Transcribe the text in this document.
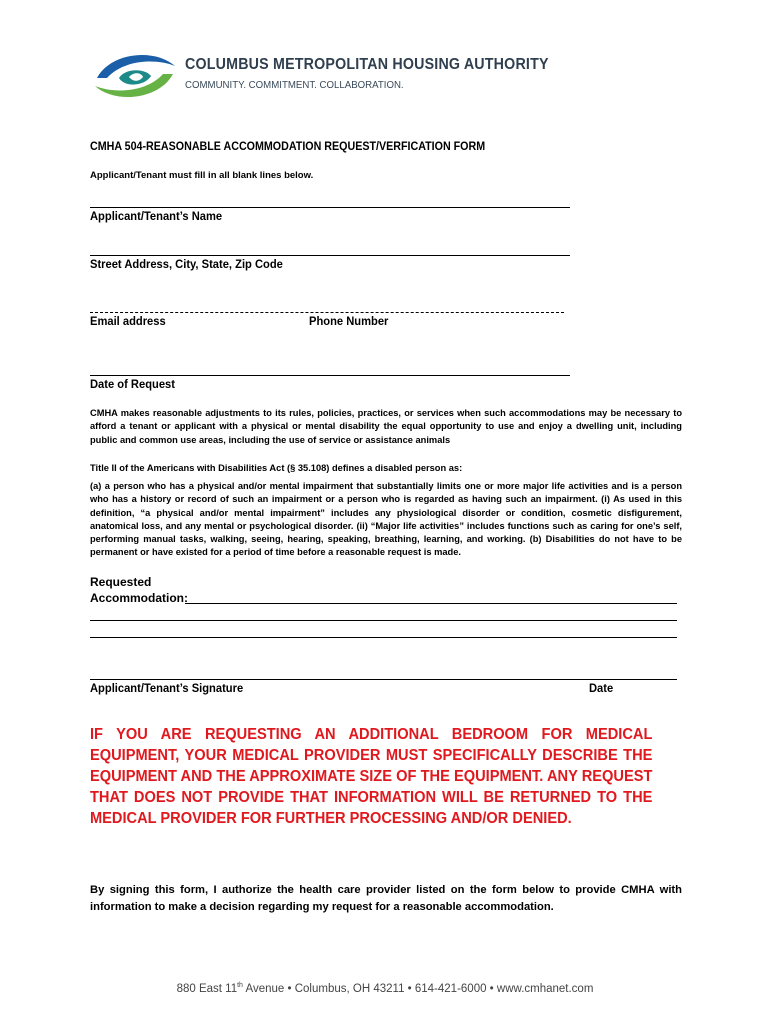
COLUMBUS METROPOLITAN HOUSING AUTHORITY
COMMUNITY. COMMITMENT. COLLABORATION.
CMHA 504-REASONABLE ACCOMMODATION REQUEST/VERFICATION FORM
Applicant/Tenant must fill in all blank lines below.
Applicant/Tenant’s Name
Street Address, City, State, Zip Code
Email address	Phone Number
Date of Request
CMHA makes reasonable adjustments to its rules, policies, practices, or services when such accommodations may be necessary to afford a tenant or applicant with a physical or mental disability the equal opportunity to use and enjoy a dwelling unit, including public and common use areas, including the use of service or assistance animals
Title II of the Americans with Disabilities Act (§ 35.108) defines a disabled person as:
(a) a person who has a physical and/or mental impairment that substantially limits one or more major life activities and is a person who has a history or record of such an impairment or a person who is regarded as having such an impairment. (i) As used in this definition, “a physical and/or mental impairment” includes any physiological disorder or condition, cosmetic disfigurement, anatomical loss, and any mental or psychological disorder. (ii) “Major life activities” includes functions such as caring for one’s self, performing manual tasks, walking, seeing, hearing, speaking, breathing, learning, and working. (b) Disabilities do not have to be permanent or have existed for a period of time before a reasonable request is made.
Requested
Accommodation:
Applicant/Tenant’s Signature	Date
IF YOU ARE REQUESTING AN ADDITIONAL BEDROOM FOR MEDICAL EQUIPMENT, YOUR MEDICAL PROVIDER MUST SPECIFICALLY DESCRIBE THE EQUIPMENT AND THE APPROXIMATE SIZE OF THE EQUIPMENT. ANY REQUEST THAT DOES NOT PROVIDE THAT INFORMATION WILL BE RETURNED TO THE MEDICAL PROVIDER FOR FURTHER PROCESSING AND/OR DENIED.
By signing this form, I authorize the health care provider listed on the form below to provide CMHA with information to make a decision regarding my request for a reasonable accommodation.
880 East 11th Avenue • Columbus, OH 43211 • 614-421-6000 • www.cmhanet.com
